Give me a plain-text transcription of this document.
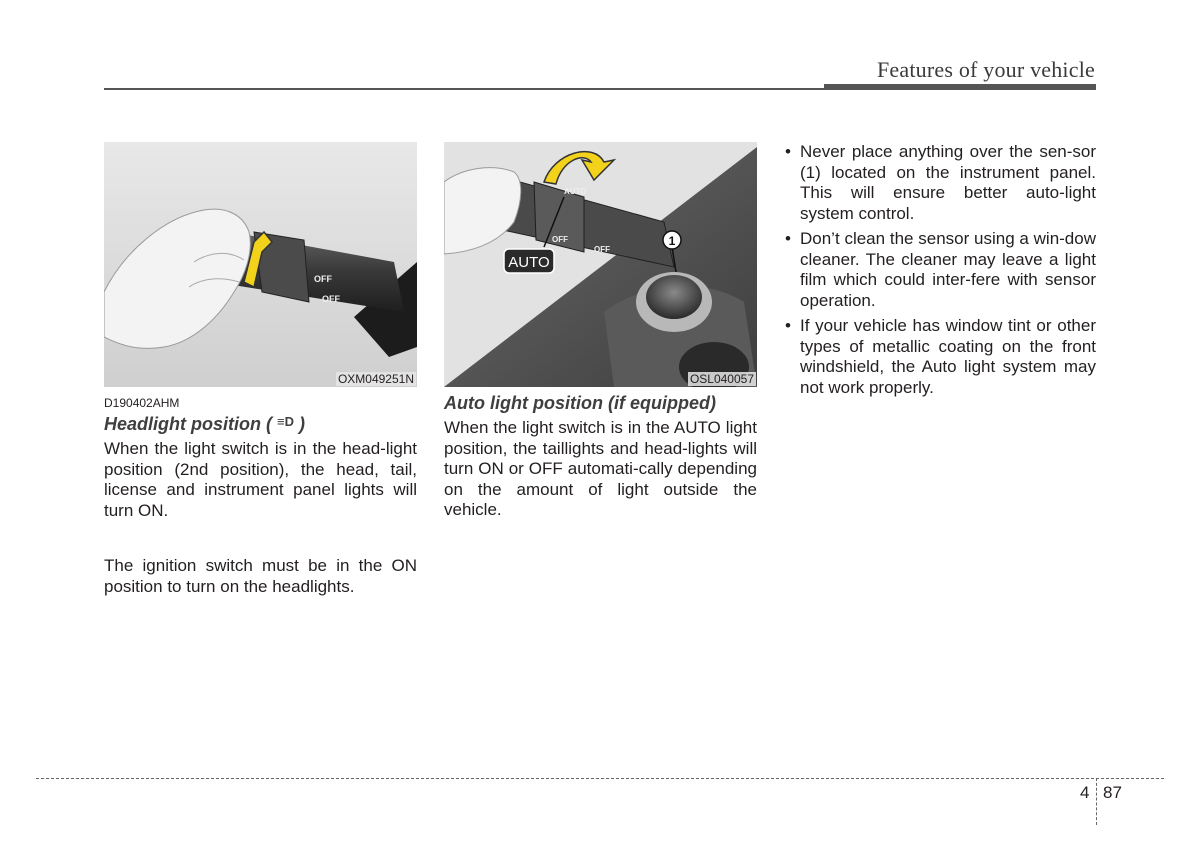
Features of your vehicle
OFF
OFF
OXM049251N
D190402AHM
Headlight position ( $^{\equiv D}$ )
When the light switch is in the head-light position (2nd position), the head, tail, license and instrument panel lights will turn ON.
The ignition switch must be in the ON position to turn on the headlights.
AUTO
OFF
OFF
AUTO
1
OSL040057
Auto light position (if equipped)
When the light switch is in the AUTO light position, the taillights and head-lights will turn ON or OFF automati-cally depending on the amount of light outside the vehicle.
• Never place anything over the sen-sor (1) located on the instrument panel. This will ensure better auto-light system control.
• Don’t clean the sensor using a win-dow cleaner. The cleaner may leave a light film which could inter-fere with sensor operation.
• If your vehicle has window tint or other types of metallic coating on the front windshield, the Auto light system may not work properly.
4 87
